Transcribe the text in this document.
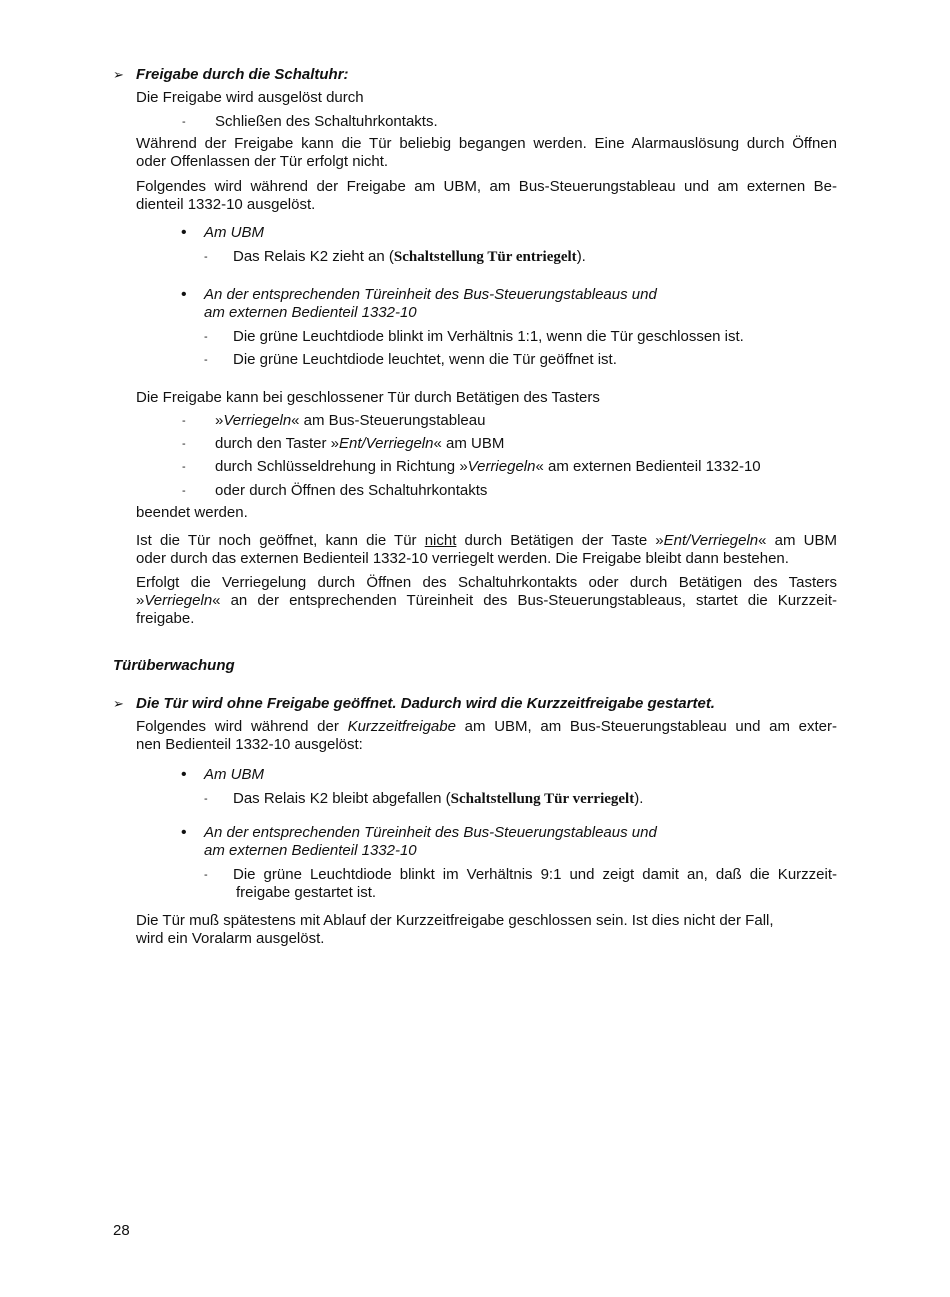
➢ Freigabe durch die Schaltuhr:
Die Freigabe wird ausgelöst durch
- Schließen des Schaltuhrkontakts.
Während der Freigabe kann die Tür beliebig begangen werden. Eine Alarmauslösung durch Öffnen
oder Offenlassen der Tür erfolgt nicht.
Folgendes wird während der Freigabe am UBM, am Bus-Steuerungstableau und am externen Be-
dienteil 1332-10 ausgelöst.
• Am UBM
- Das Relais K2 zieht an (Schaltstellung Tür entriegelt).
• An der entsprechenden Türeinheit des Bus-Steuerungstableaus und
am externen Bedienteil 1332-10
- Die grüne Leuchtdiode blinkt im Verhältnis 1:1, wenn die Tür geschlossen ist.
- Die grüne Leuchtdiode leuchtet, wenn die Tür geöffnet ist.
Die Freigabe kann bei geschlossener Tür durch Betätigen des Tasters
- »Verriegeln« am Bus-Steuerungstableau
- durch den Taster »Ent/Verriegeln« am UBM
- durch Schlüsseldrehung in Richtung »Verriegeln« am externen Bedienteil 1332-10
- oder durch Öffnen des Schaltuhrkontakts
beendet werden.
Ist die Tür noch geöffnet, kann die Tür nicht durch Betätigen der Taste »Ent/Verriegeln« am UBM
oder durch das externen Bedienteil 1332-10 verriegelt werden. Die Freigabe bleibt dann bestehen.
Erfolgt die Verriegelung durch Öffnen des Schaltuhrkontakts oder durch Betätigen des Tasters
»Verriegeln« an der entsprechenden Türeinheit des Bus-Steuerungstableaus, startet die Kurzzeit-
freigabe.
Türüberwachung
➢ Die Tür wird ohne Freigabe geöffnet. Dadurch wird die Kurzzeitfreigabe gestartet.
Folgendes wird während der Kurzzeitfreigabe am UBM, am Bus-Steuerungstableau und am exter-
nen Bedienteil 1332-10 ausgelöst:
• Am UBM
- Das Relais K2 bleibt abgefallen (Schaltstellung Tür verriegelt).
• An der entsprechenden Türeinheit des Bus-Steuerungstableaus und
am externen Bedienteil 1332-10
- Die grüne Leuchtdiode blinkt im Verhältnis 9:1 und zeigt damit an, daß die Kurzzeit-
freigabe gestartet ist.
Die Tür muß spätestens mit Ablauf der Kurzzeitfreigabe geschlossen sein. Ist dies nicht der Fall,
wird ein Voralarm ausgelöst.
28
